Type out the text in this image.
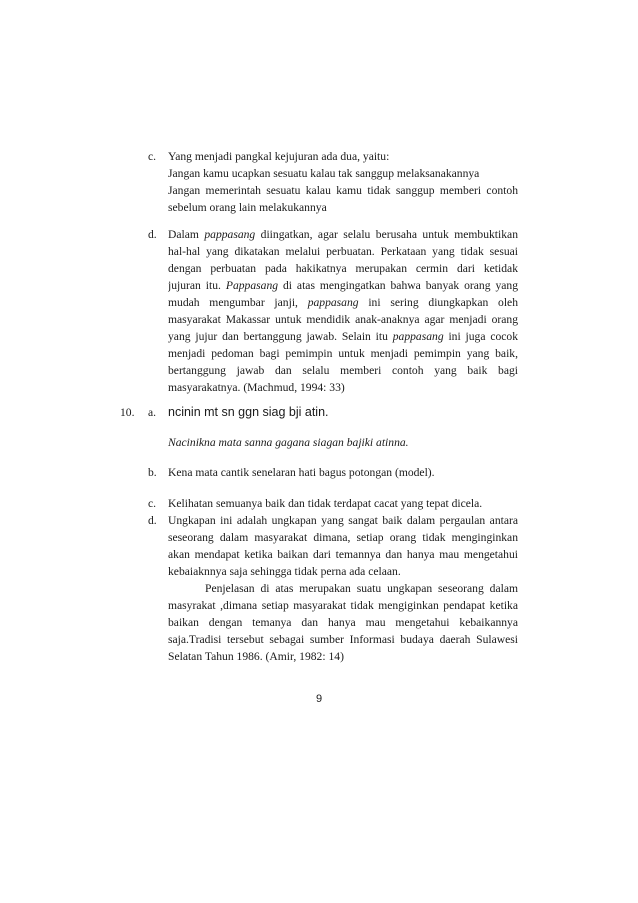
c. Yang menjadi pangkal kejujuran ada dua, yaitu:
Jangan kamu ucapkan sesuatu kalau tak sanggup melaksanakannya
Jangan memerintah sesuatu kalau kamu tidak sanggup memberi contoh
sebelum orang lain melakukannya
d. Dalam pappasang diingatkan, agar selalu berusaha untuk membuktikan
hal-hal yang dikatakan melalui perbuatan. Perkataan yang tidak sesuai
dengan perbuatan pada hakikatnya merupakan cermin dari ketidak
jujuran itu. Pappasang di atas mengingatkan bahwa banyak orang yang
mudah mengumbar janji, pappasang ini sering diungkapkan oleh
masyarakat Makassar untuk mendidik anak-anaknya agar menjadi orang
yang jujur dan bertanggung jawab. Selain itu pappasang ini juga cocok
menjadi pedoman bagi pemimpin untuk menjadi pemimpin yang baik,
bertanggung jawab dan selalu memberi contoh yang baik bagi
masyarakatnya. (Machmud, 1994: 33)
10. a. ncinin mt sn ggn siag bji atin.
Nacinikna mata sanna gagana siagan bajiki atinna.
b. Kena mata cantik senelaran hati bagus potongan (model).
c. Kelihatan semuanya baik dan tidak terdapat cacat yang tepat dicela.
d. Ungkapan ini adalah ungkapan yang sangat baik dalam pergaulan antara
seseorang dalam masyarakat dimana, setiap orang tidak menginginkan
akan mendapat ketika baikan dari temannya dan hanya mau mengetahui
kebaiaknnya saja sehingga tidak perna ada celaan.
Penjelasan di atas merupakan suatu ungkapan seseorang dalam
masyrakat ,dimana setiap masyarakat tidak mengiginkan pendapat ketika
baikan dengan temanya dan hanya mau mengetahui kebaikannya
saja.Tradisi tersebut sebagai sumber Informasi budaya daerah Sulawesi
Selatan Tahun 1986. (Amir, 1982: 14)
9
